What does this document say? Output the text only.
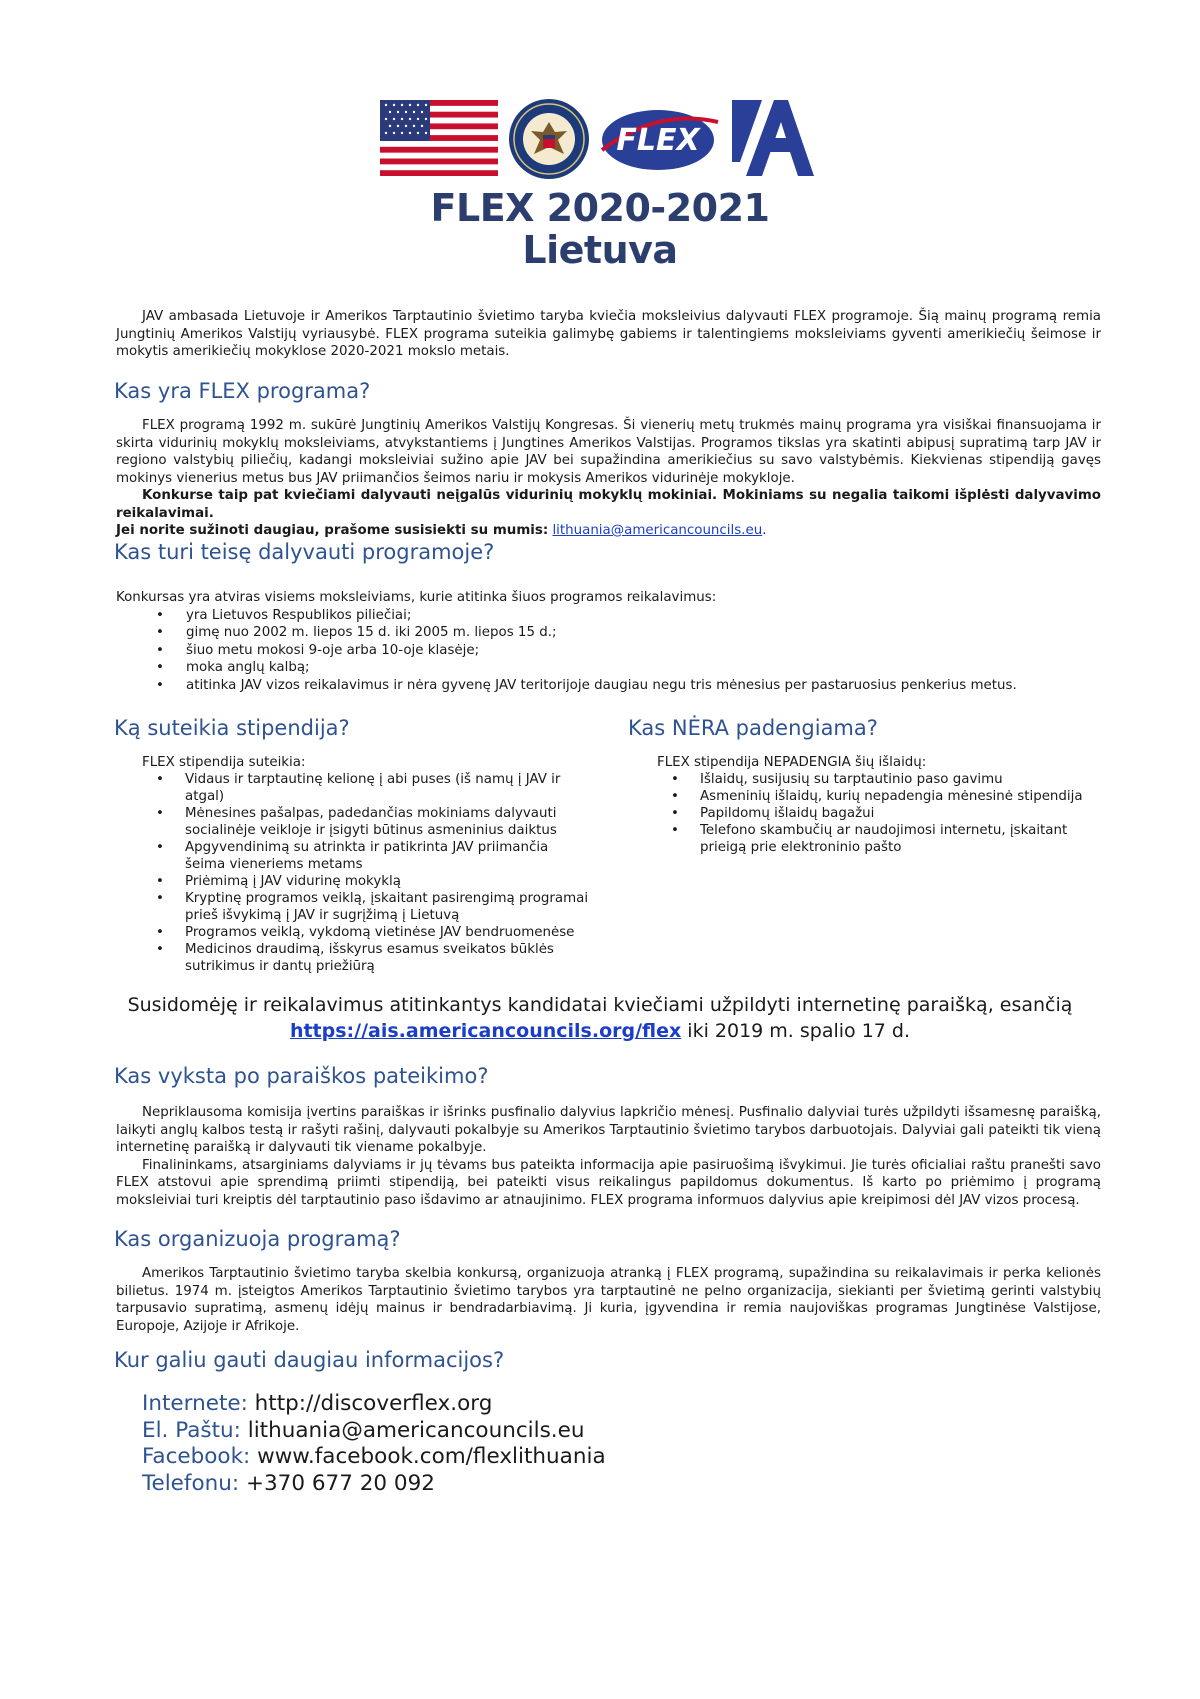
FLEX
FLEX 2020-2021
Lietuva

JAV ambasada Lietuvoje ir Amerikos Tarptautinio švietimo taryba kviečia moksleivius dalyvauti FLEX programoje. Šią mainų programą remia Jungtinių Amerikos Valstijų vyriausybė. FLEX programa suteikia galimybę gabiems ir talentingiems moksleiviams gyventi amerikiečių šeimose ir mokytis amerikiečių mokyklose 2020-2021 mokslo metais.

Kas yra FLEX programa?

FLEX programą 1992 m. sukūrė Jungtinių Amerikos Valstijų Kongresas. Ši vienerių metų trukmės mainų programa yra visiškai finansuojama ir skirta vidurinių mokyklų moksleiviams, atvykstantiems į Jungtines Amerikos Valstijas. Programos tikslas yra skatinti abipusį supratimą tarp JAV ir regiono valstybių piliečių, kadangi moksleiviai sužino apie JAV bei supažindina amerikiečius su savo valstybėmis. Kiekvienas stipendiją gavęs mokinys vienerius metus bus JAV priimančios šeimos nariu ir mokysis Amerikos vidurinėje mokykloje.

Konkurse taip pat kviečiami dalyvauti neįgalūs vidurinių mokyklų mokiniai. Mokiniams su negalia taikomi išplėsti dalyvavimo reikalavimai.

Jei norite sužinoti daugiau, prašome susisiekti su mumis: lithuania@americancouncils.eu.

Kas turi teisę dalyvauti programoje?

Konkursas yra atviras visiems moksleiviams, kurie atitinka šiuos programos reikalavimus:

• yra Lietuvos Respublikos piliečiai;
• gimę nuo 2002 m. liepos 15 d. iki 2005 m. liepos 15 d.;
• šiuo metu mokosi 9-oje arba 10-oje klasėje;
• moka anglų kalbą;
• atitinka JAV vizos reikalavimus ir nėra gyvenę JAV teritorijoje daugiau negu tris mėnesius per pastaruosius penkerius metus.
Ką suteikia stipendija?

FLEX stipendija suteikia:

• Vidaus ir tarptautinę kelionę į abi puses (iš namų į JAV ir atgal)
• Mėnesines pašalpas, padedančias mokiniams dalyvauti socialinėje veikloje ir įsigyti būtinus asmeninius daiktus
• Apgyvendinimą su atrinkta ir patikrinta JAV priimančia šeima vieneriems metams
• Priėmimą į JAV vidurinę mokyklą
• Kryptinę programos veiklą, įskaitant pasirengimą programai prieš išvykimą į JAV ir sugrįžimą į Lietuvą
• Programos veiklą, vykdomą vietinėse JAV bendruomenėse
• Medicinos draudimą, išskyrus esamus sveikatos būklės sutrikimus ir dantų priežiūrą
Kas NĖRA padengiama?

FLEX stipendija NEPADENGIA šių išlaidų:

• Išlaidų, susijusių su tarptautinio paso gavimu
• Asmeninių išlaidų, kurių nepadengia mėnesinė stipendija
• Papildomų išlaidų bagažui
• Telefono skambučių ar naudojimosi internetu, įskaitant prieigą prie elektroninio pašto
Susidomėję ir reikalavimus atitinkantys kandidatai kviečiami užpildyti internetinę paraišką, esančią
https://ais.americancouncils.org/flex iki 2019 m. spalio 17 d.
Kas vyksta po paraiškos pateikimo?

Nepriklausoma komisija įvertins paraiškas ir išrinks pusfinalio dalyvius lapkričio mėnesį. Pusfinalio dalyviai turės užpildyti išsamesnę paraišką, laikyti anglų kalbos testą ir rašyti rašinį, dalyvauti pokalbyje su Amerikos Tarptautinio švietimo tarybos darbuotojais. Dalyviai gali pateikti tik vieną internetinę paraišką ir dalyvauti tik viename pokalbyje.

Finalininkams, atsarginiams dalyviams ir jų tėvams bus pateikta informacija apie pasiruošimą išvykimui. Jie turės oficialiai raštu pranešti savo FLEX atstovui apie sprendimą priimti stipendiją, bei pateikti visus reikalingus papildomus dokumentus. Iš karto po priėmimo į programą moksleiviai turi kreiptis dėl tarptautinio paso išdavimo ar atnaujinimo. FLEX programa informuos dalyvius apie kreipimosi dėl JAV vizos procesą.

Kas organizuoja programą?

Amerikos Tarptautinio švietimo taryba skelbia konkursą, organizuoja atranką į FLEX programą, supažindina su reikalavimais ir perka kelionės bilietus. 1974 m. įsteigtos Amerikos Tarptautinio švietimo tarybos yra tarptautinė ne pelno organizacija, siekianti per švietimą gerinti valstybių tarpusavio supratimą, asmenų idėjų mainus ir bendradarbiavimą. Ji kuria, įgyvendina ir remia naujoviškas programas Jungtinėse Valstijose, Europoje, Azijoje ir Afrikoje.

Kur galiu gauti daugiau informacijos?
Internete: http://discoverflex.org
El. Paštu: lithuania@americancouncils.eu
Facebook: www.facebook.com/flexlithuania
Telefonu: +370 677 20 092
